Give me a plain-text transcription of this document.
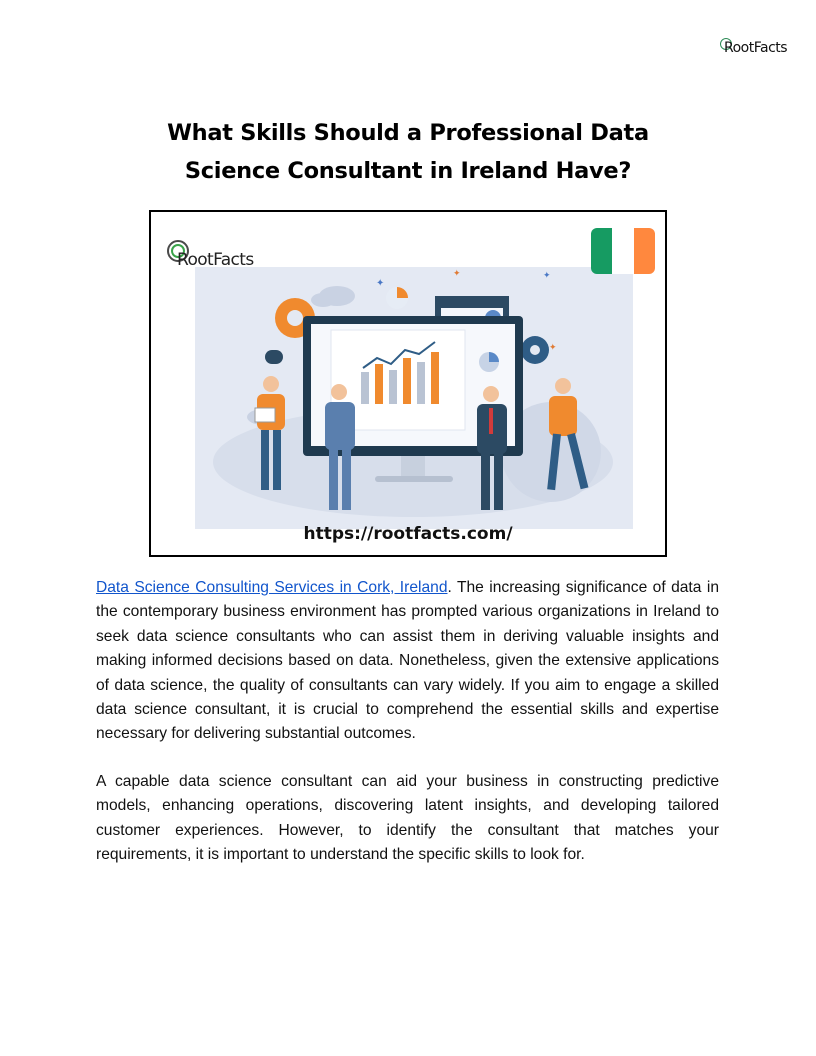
RootFacts
What Skills Should a Professional Data Science Consultant in Ireland Have?
✦
✦	✦
✦
RootFacts
https://rootfacts.com/

Data Science Consulting Services in Cork, Ireland. The increasing significance of data in the contemporary business environment has prompted various organizations in Ireland to seek data science consultants who can assist them in deriving valuable insights and making informed decisions based on data. Nonetheless, given the extensive applications of data science, the quality of consultants can vary widely. If you aim to engage a skilled data science consultant, it is crucial to comprehend the essential skills and expertise necessary for delivering substantial outcomes.

A capable data science consultant can aid your business in constructing predictive models, enhancing operations, discovering latent insights, and developing tailored customer experiences. However, to identify the consultant that matches your requirements, it is important to understand the specific skills to look for.
